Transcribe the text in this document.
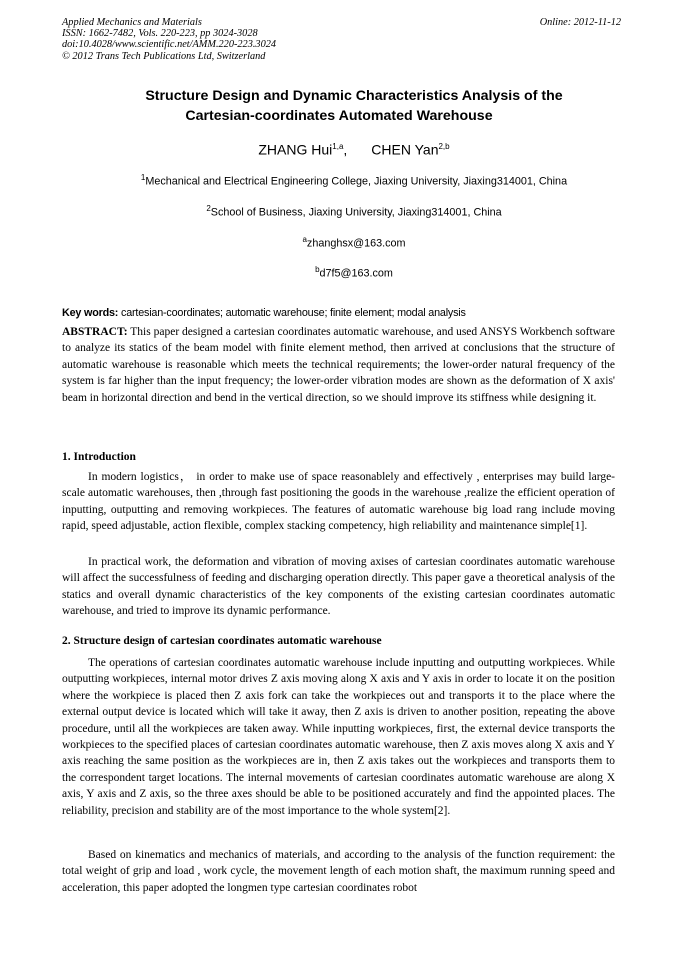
Applied Mechanics and Materials
ISSN: 1662-7482, Vols. 220-223, pp 3024-3028
doi:10.4028/www.scientific.net/AMM.220-223.3024
© 2012 Trans Tech Publications Ltd, Switzerland
Online: 2012-11-12
Structure Design and Dynamic Characteristics Analysis of the
Cartesian-coordinates Automated Warehouse
ZHANG Hui$^{1,a}$, CHEN Yan$^{2,b}$
$^1$Mechanical and Electrical Engineering College, Jiaxing University, Jiaxing314001, China
$^2$School of Business, Jiaxing University, Jiaxing314001, China
$^a$zhanghsx@163.com
$^b$d7f5@163.com
Key words: cartesian-coordinates; automatic warehouse; finite element; modal analysis
ABSTRACT: This paper designed a cartesian coordinates automatic warehouse, and used ANSYS Workbench software to analyze its statics of the beam model with finite element method, then arrived at conclusions that the structure of automatic warehouse is reasonable which meets the technical requirements; the lower-order natural frequency of the system is far higher than the input frequency; the lower-order vibration modes are shown as the deformation of X axis' beam in horizontal direction and bend in the vertical direction, so we should improve its stiffness while designing it.
1. Introduction
In modern logistics， in order to make use of space reasonablely and effectively , enterprises may build large-scale automatic warehouses, then ,through fast positioning the goods in the warehouse ,realize the efficient operation of inputting, outputting and removing workpieces. The features of automatic warehouse big load rang include moving rapid, speed adjustable, action flexible, complex stacking competency, high reliability and maintenance simple[1].
In practical work, the deformation and vibration of moving axises of cartesian coordinates automatic warehouse will affect the successfulness of feeding and discharging operation directly. This paper gave a theoretical analysis of the statics and overall dynamic characteristics of the key components of the existing cartesian coordinates automatic warehouse, and tried to improve its dynamic performance.
2. Structure design of cartesian coordinates automatic warehouse
The operations of cartesian coordinates automatic warehouse include inputting and outputting workpieces. While outputting workpieces, internal motor drives Z axis moving along X axis and Y axis in order to locate it on the position where the workpiece is placed then Z axis fork can take the workpieces out and transports it to the place where the external output device is located which will take it away, then Z axis is driven to another position, repeating the above procedure, until all the workpieces are taken away. While inputting workpieces, first, the external device transports the workpieces to the specified places of cartesian coordinates automatic warehouse, then Z axis moves along X axis and Y axis reaching the same position as the workpieces are in, then Z axis takes out the workpieces and transports them to the correspondent target locations. The internal movements of cartesian coordinates automatic warehouse are along X axis, Y axis and Z axis, so the three axes should be able to be positioned accurately and find the appointed places. The reliability, precision and stability are of the most importance to the whole system[2].
Based on kinematics and mechanics of materials, and according to the analysis of the function requirement: the total weight of grip and load , work cycle, the movement length of each motion shaft, the maximum running speed and acceleration, this paper adopted the longmen type cartesian coordinates robot
